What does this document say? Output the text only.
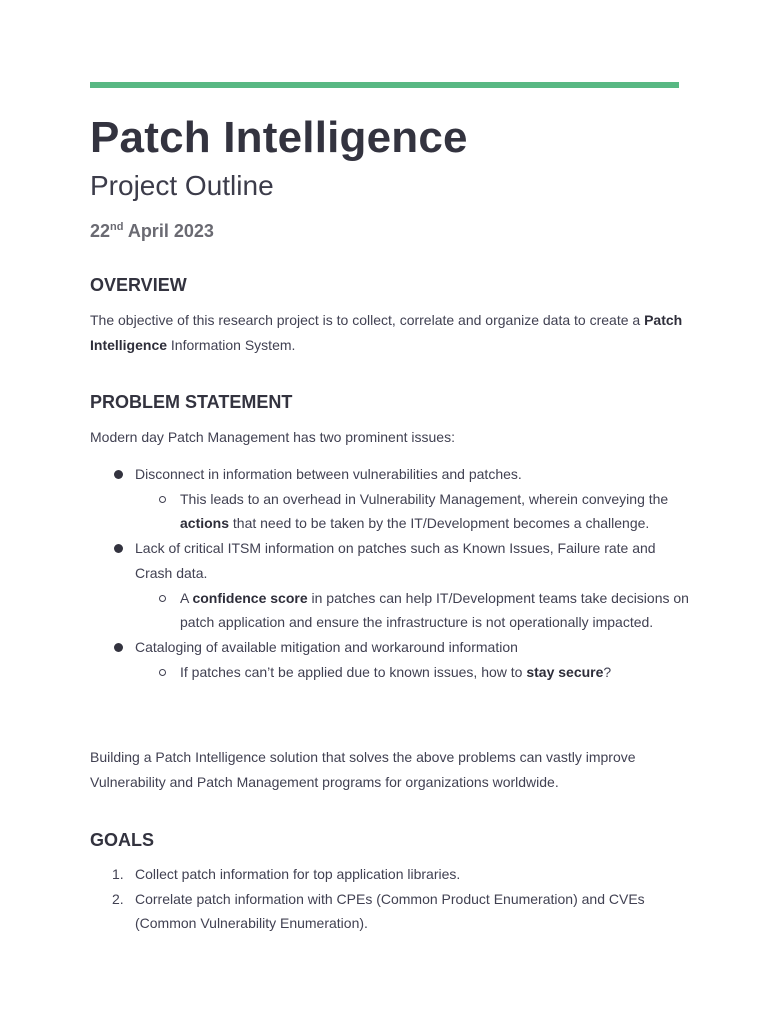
Patch Intelligence
Project Outline
22nd April 2023
OVERVIEW

The objective of this research project is to collect, correlate and organize data to create a Patch Intelligence Information System.

PROBLEM STATEMENT

Modern day Patch Management has two prominent issues:

Disconnect in information between vulnerabilities and patches.
This leads to an overhead in Vulnerability Management, wherein conveying the actions that need to be taken by the IT/Development becomes a challenge.
Lack of critical ITSM information on patches such as Known Issues, Failure rate and Crash data.
A confidence score in patches can help IT/Development teams take decisions on patch application and ensure the infrastructure is not operationally impacted.
Cataloging of available mitigation and workaround information
If patches can’t be applied due to known issues, how to stay secure?

Building a Patch Intelligence solution that solves the above problems can vastly improve Vulnerability and Patch Management programs for organizations worldwide.

GOALS
1. Collect patch information for top application libraries.
2. Correlate patch information with CPEs (Common Product Enumeration) and CVEs (Common Vulnerability Enumeration).
